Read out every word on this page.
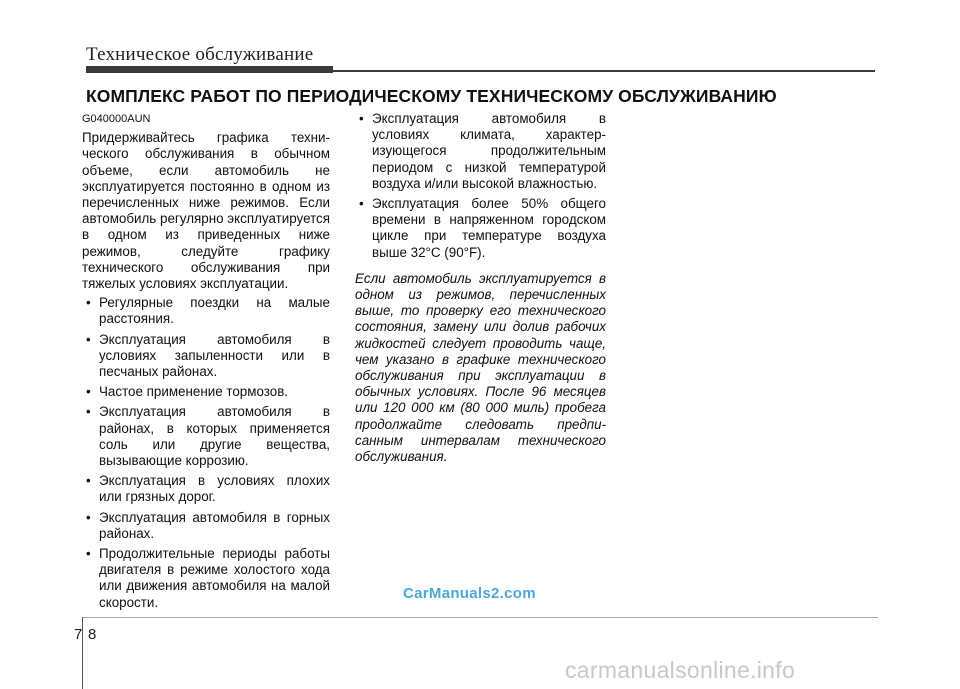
Техническое обслуживание
КОМПЛЕКС РАБОТ ПО ПЕРИОДИЧЕСКОМУ ТЕХНИЧЕСКОМУ ОБСЛУЖИВАНИЮ
G040000AUN

Придерживайтесь графика техни-ческого обслуживания в обычном объеме, если автомобиль не эксплуатируется постоянно в одном из перечисленных ниже режимов. Если автомобиль регулярно эксплуатируется в одном из приведенных ниже режимов, следуйте графику технического обслуживания при тяжелых условиях эксплуатации.

• Регулярные поездки на малые расстояния.
• Эксплуатация автомобиля в условиях запыленности или в песчаных районах.
• Частое применение тормозов.
• Эксплуатация автомобиля в районах, в которых применяется соль или другие вещества, вызывающие коррозию.
• Эксплуатация в условиях плохих или грязных дорог.
• Эксплуатация автомобиля в горных районах.
• Продолжительные периоды работы двигателя в режиме холостого хода или движения автомобиля на малой скорости.
• Эксплуатация автомобиля в условиях климата, характер-изующегося продолжительным периодом с низкой температурой воздуха и/или высокой влажностью.
• Эксплуатация более 50% общего времени в напряженном городском цикле при температуре воздуха выше 32°C (90°F).

Если автомобиль эксплуатируется в одном из режимов, перечисленных выше, то проверку его технического состояния, замену или долив рабочих жидкостей следует проводить чаще, чем указано в графике технического обслуживания при эксплуатации в обычных условиях. После 96 месяцев или 120 000 км (80 000 миль) пробега продолжайте следовать предпи-санным интервалам технического обслуживания.

CarManuals2.com
7 8
carmanualsonline.info
